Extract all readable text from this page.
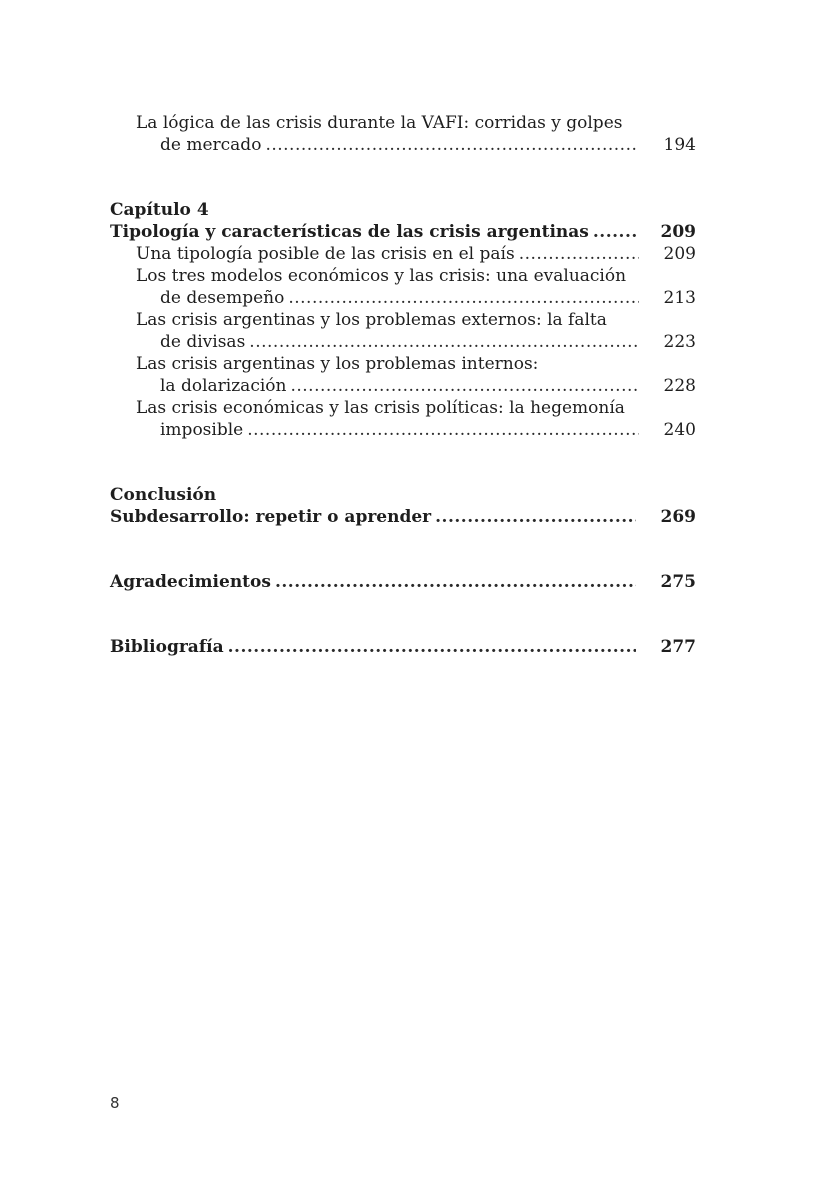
La lógica de las crisis durante la VAFI: corridas y golpes
de mercado .....	194
Capítulo 4
Tipología y características de las crisis argentinas .....	209
Una tipología posible de las crisis en el país .....	209
Los tres modelos económicos y las crisis: una evaluación
de desempeño .....	213
Las crisis argentinas y los problemas externos: la falta
de divisas .....	223
Las crisis argentinas y los problemas internos:
la dolarización .....	228
Las crisis económicas y las crisis políticas: la hegemonía
imposible .....	240
Conclusión
Subdesarrollo: repetir o aprender .....	269
Agradecimientos .....	275
Bibliografía .....	277
8
